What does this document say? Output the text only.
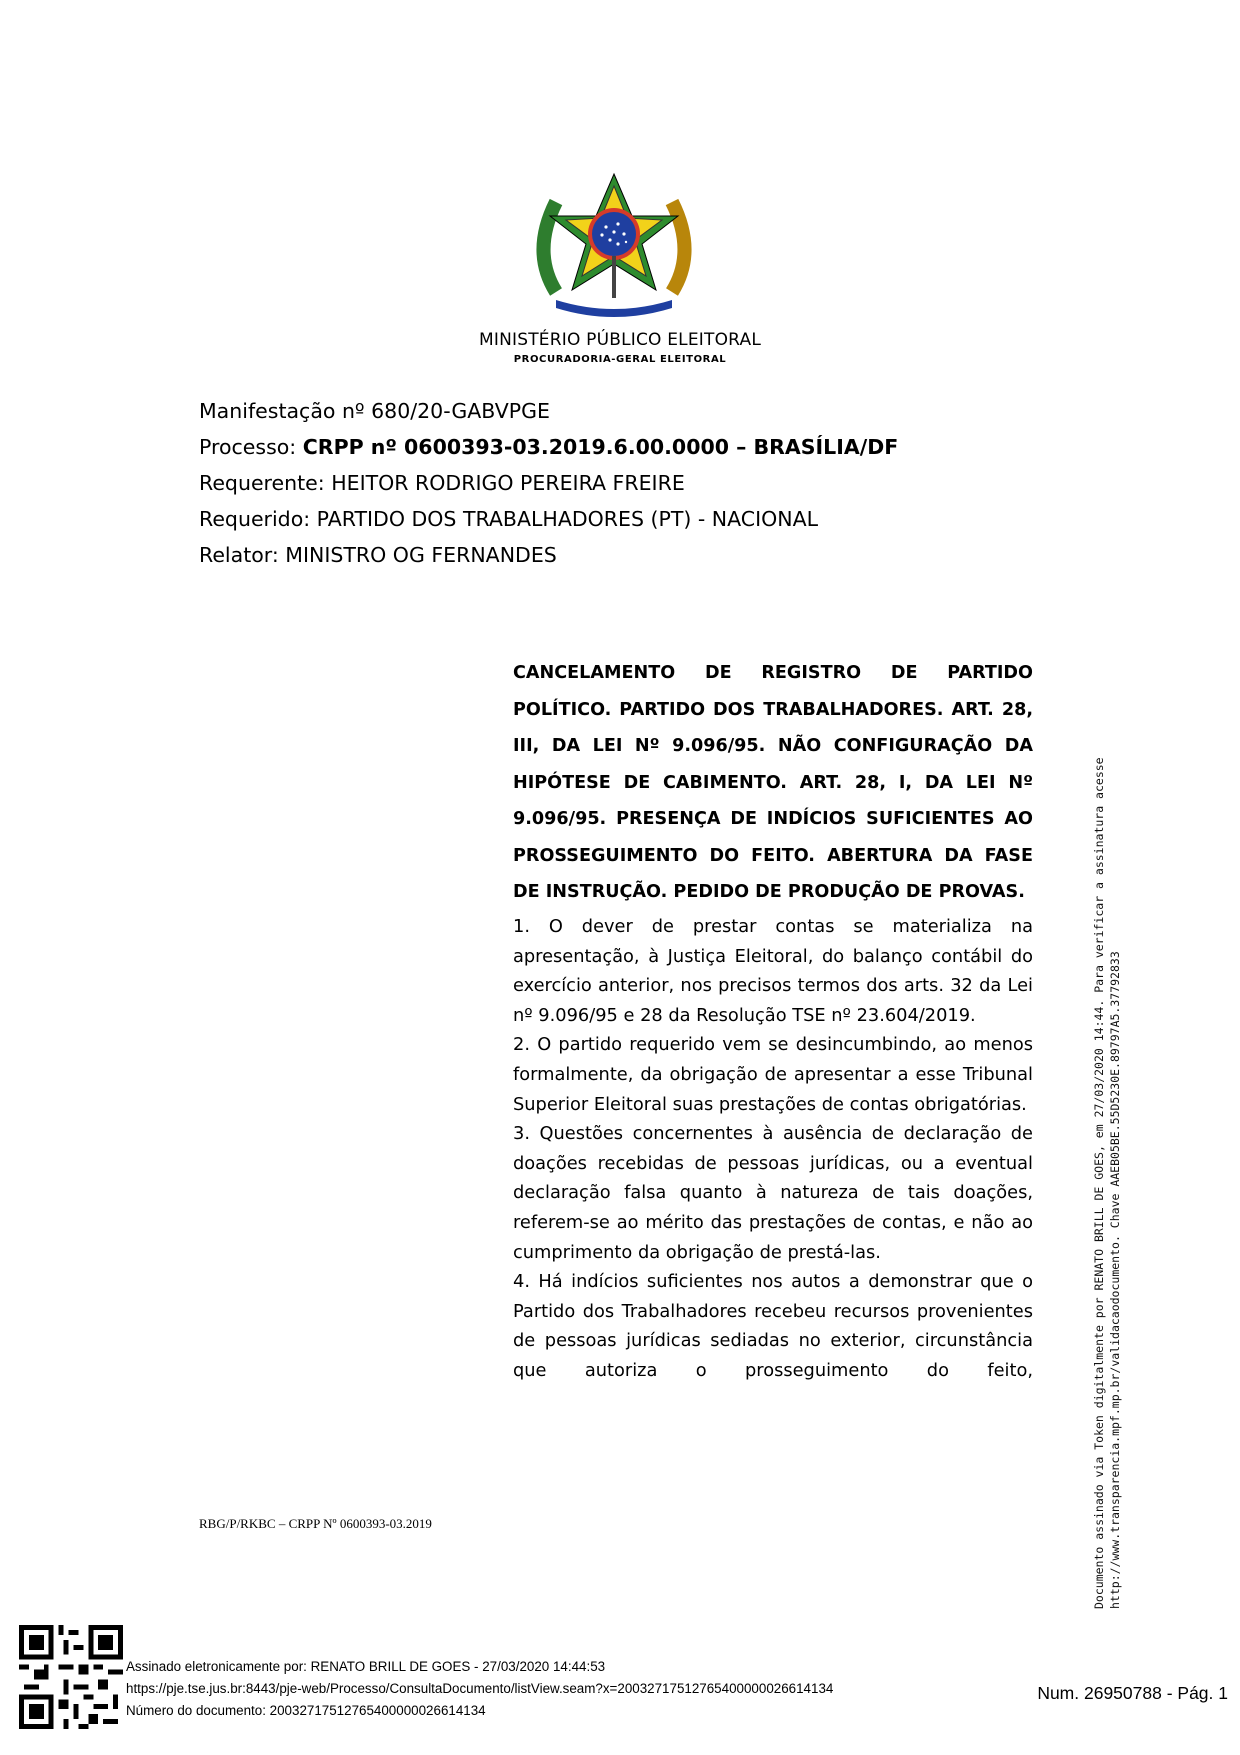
MINISTÉRIO PÚBLICO ELEITORAL
PROCURADORIA-GERAL ELEITORAL
Manifestação nº 680/20-GABVPGE
Processo: CRPP nº 0600393-03.2019.6.00.0000 – BRASÍLIA/DF
Requerente: HEITOR RODRIGO PEREIRA FREIRE
Requerido: PARTIDO DOS TRABALHADORES (PT) - NACIONAL
Relator: MINISTRO OG FERNANDES
CANCELAMENTO DE REGISTRO DE PARTIDO POLÍTICO. PARTIDO DOS TRABALHADORES. ART. 28, III, DA LEI Nº 9.096/95. NÃO CONFIGURAÇÃO DA HIPÓTESE DE CABIMENTO. ART. 28, I, DA LEI Nº 9.096/95. PRESENÇA DE INDÍCIOS SUFICIENTES AO PROSSEGUIMENTO DO FEITO. ABERTURA DA FASE DE INSTRUÇÃO. PEDIDO DE PRODUÇÃO DE PROVAS.

1. O dever de prestar contas se materializa na apresentação, à Justiça Eleitoral, do balanço contábil do exercício anterior, nos precisos termos dos arts. 32 da Lei nº 9.096/95 e 28 da Resolução TSE nº 23.604/2019.

2. O partido requerido vem se desincumbindo, ao menos formalmente, da obrigação de apresentar a esse Tribunal Superior Eleitoral suas prestações de contas obrigatórias.

3. Questões concernentes à ausência de declaração de doações recebidas de pessoas jurídicas, ou a eventual declaração falsa quanto à natureza de tais doações, referem-se ao mérito das prestações de contas, e não ao cumprimento da obrigação de prestá-las.

4. Há indícios suficientes nos autos a demonstrar que o Partido dos Trabalhadores recebeu recursos provenientes de pessoas jurídicas sediadas no exterior, circunstância que autoriza o prosseguimento do feito,

RBG/P/RKBC – CRPP Nº 0600393-03.2019	Documento assinado via Token digitalmente por RENATO BRILL DE GOES, em 27/03/2020 14:44. Para verificar a assinatura acesse http://www.transparencia.mpf.mp.br/validacaodocumento. Chave AAEB05BE.55D5230E.89797A5.37792833
Assinado eletronicamente por: RENATO BRILL DE GOES - 27/03/2020 14:44:53
https://pje.tse.jus.br:8443/pje-web/Processo/ConsultaDocumento/listView.seam?x=20032717512765400000026614134
Número do documento: 20032717512765400000026614134
Num. 26950788 - Pág. 1
